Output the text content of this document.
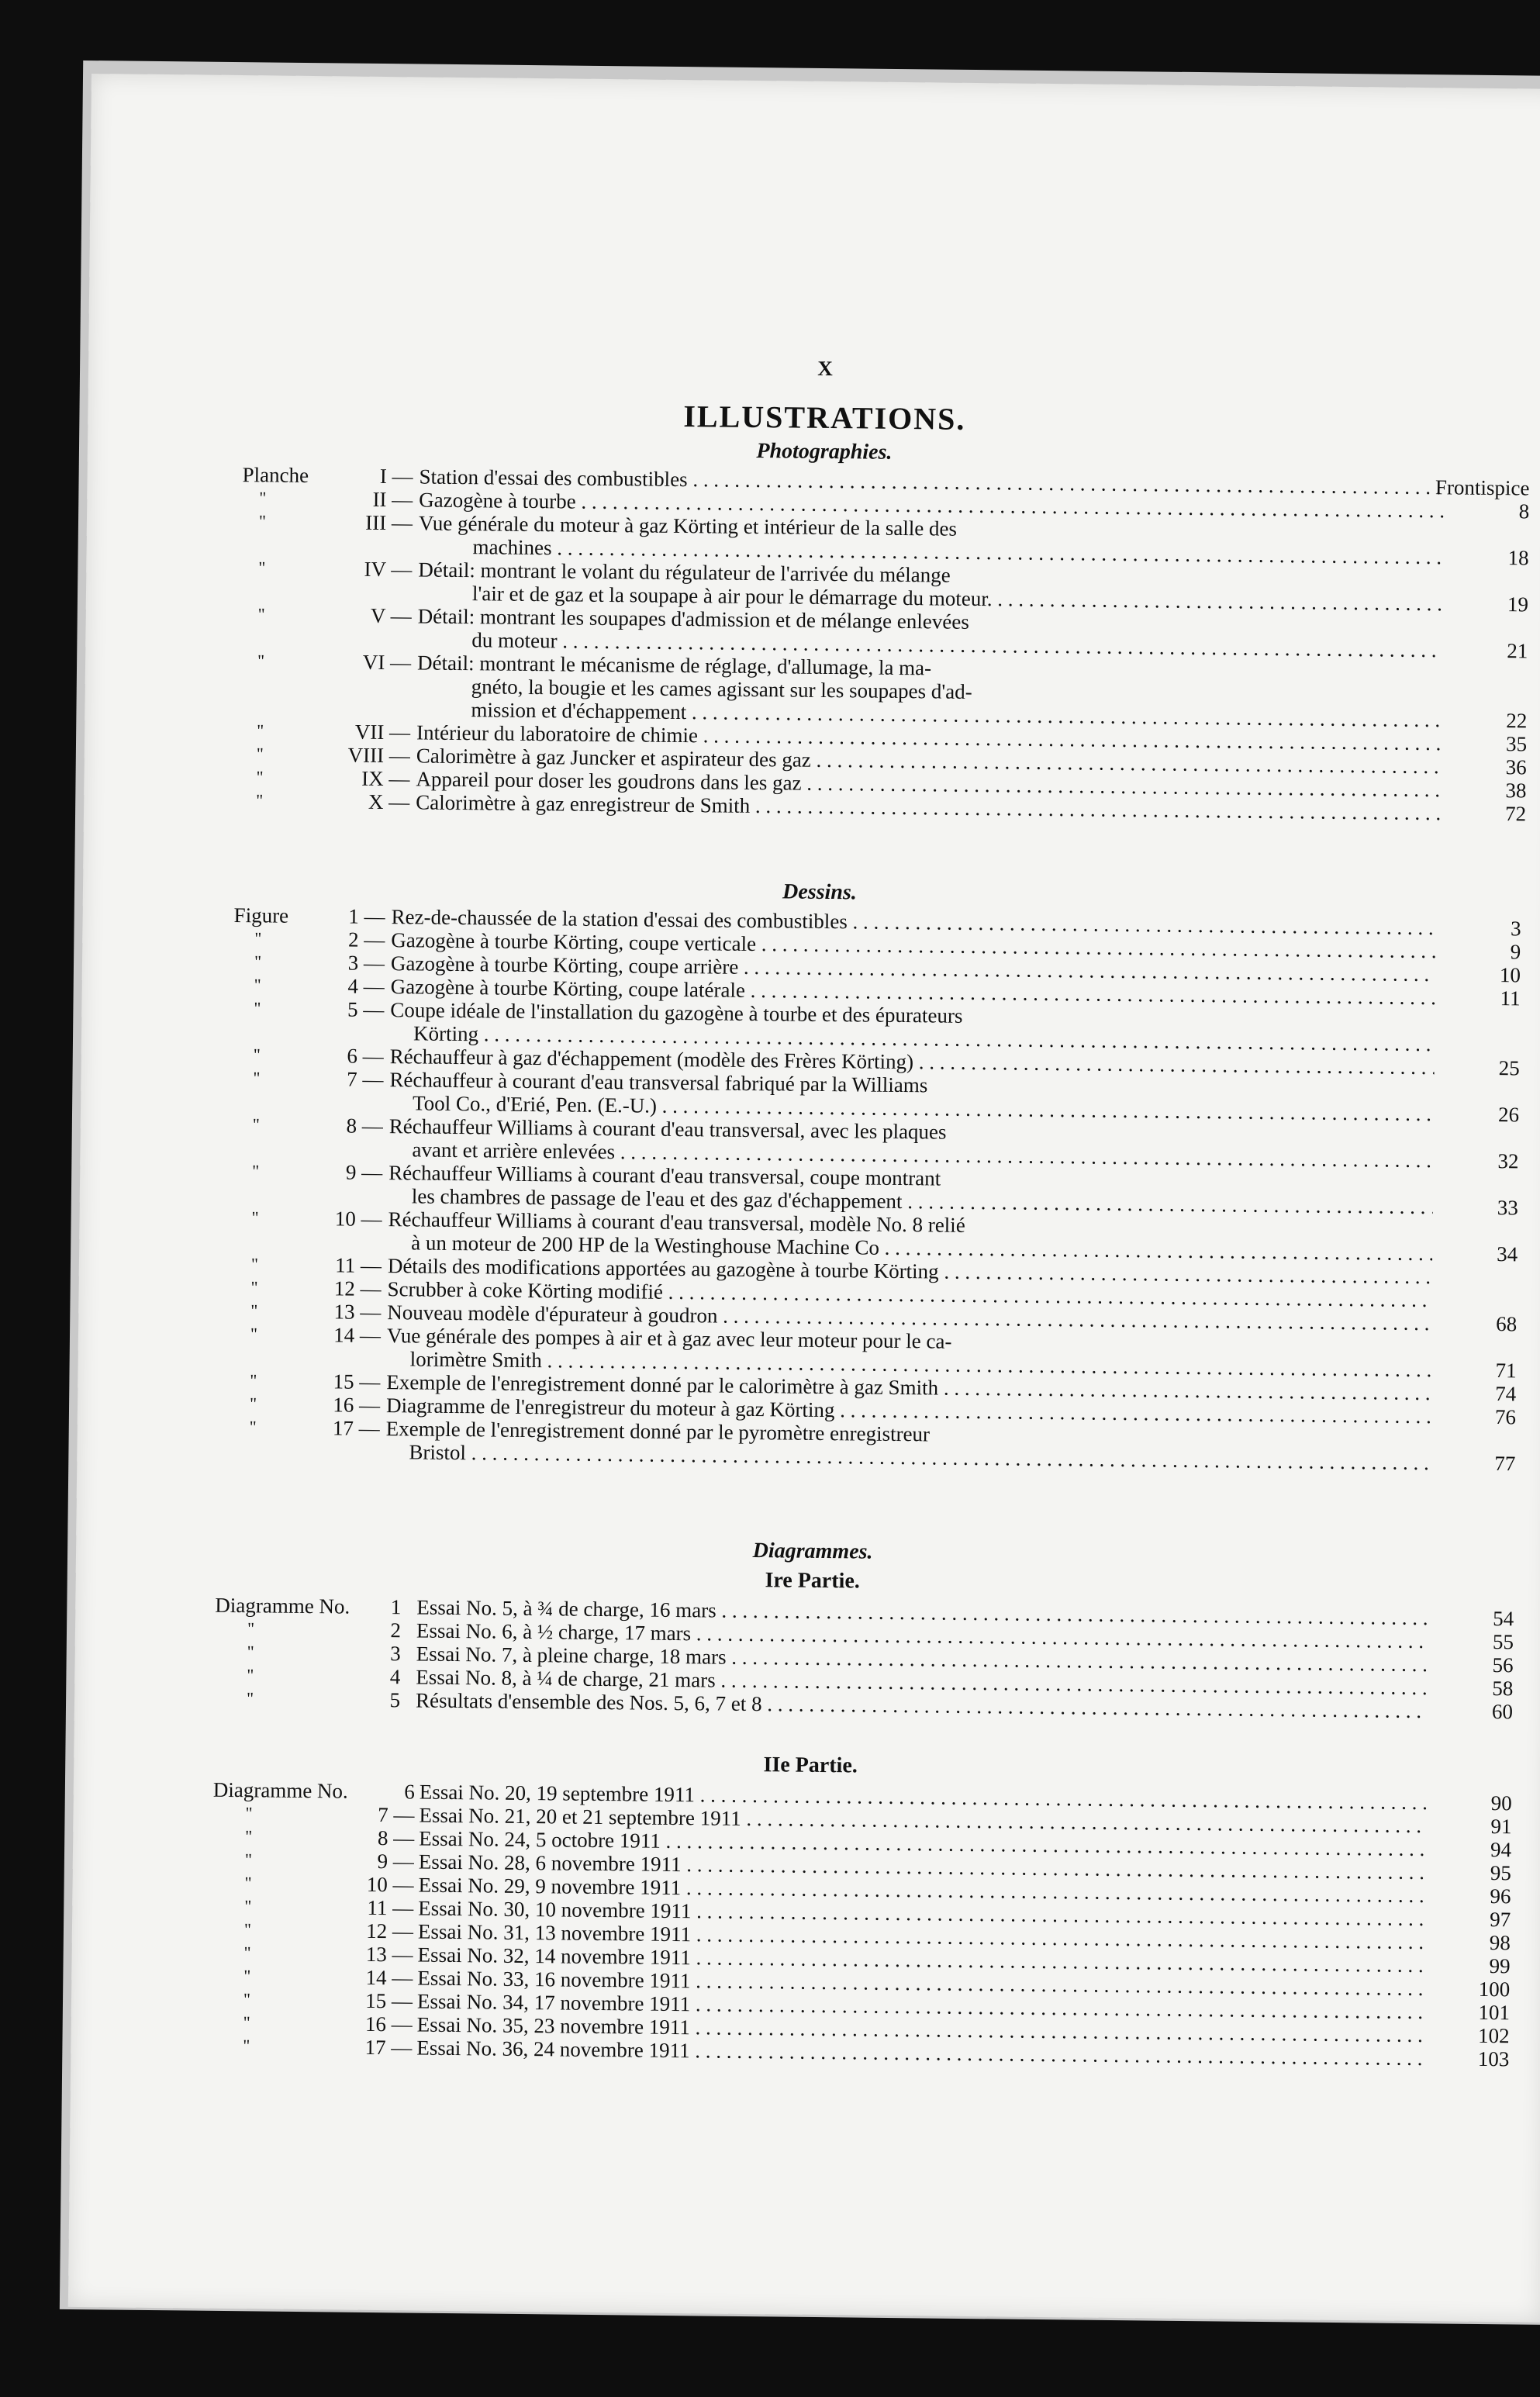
X
ILLUSTRATIONS.
Photographies.
Dessins.
Diagrammes.
Ire Partie.
IIe Partie.
Planche	I — Station d'essai des combustibles . . .	Frontispice
"	II — Gazogène à tourbe . . .	8
"	III — Vue générale du moteur à gaz Körting et intérieur de la salle des
machines . . .	18
"	IV — Détail: montrant le volant du régulateur de l'arrivée du mélange
l'air et de gaz et la soupape à air pour le démarrage du moteur. . . .	19
"	V — Détail: montrant les soupapes d'admission et de mélange enlevées
du moteur . . .	21
"	VI — Détail: montrant le mécanisme de réglage, d'allumage, la ma-
gnéto, la bougie et les cames agissant sur les soupapes d'ad-
mission et d'échappement . . .	22
"	VII — Intérieur du laboratoire de chimie . . .	35
"	VIII — Calorimètre à gaz Juncker et aspirateur des gaz . . .	36
"	IX — Appareil pour doser les goudrons dans les gaz . . .	38
"	X — Calorimètre à gaz enregistreur de Smith . . .	72
Figure	1 — Rez-de-chaussée de la station d'essai des combustibles . . .	3
"	2 — Gazogène à tourbe Körting, coupe verticale . . .	9
"	3 — Gazogène à tourbe Körting, coupe arrière . . .	10
"	4 — Gazogène à tourbe Körting, coupe latérale . . .	11
"	5 — Coupe idéale de l'installation du gazogène à tourbe et des épurateurs
Körting . . .
"	6 — Réchauffeur à gaz d'échappement (modèle des Frères Körting) . . .	25
"	7 — Réchauffeur à courant d'eau transversal fabriqué par la Williams
Tool Co., d'Erié, Pen. (E.-U.) . . .	26
"	8 — Réchauffeur Williams à courant d'eau transversal, avec les plaques
avant et arrière enlevées . . .	32
"	9 — Réchauffeur Williams à courant d'eau transversal, coupe montrant
les chambres de passage de l'eau et des gaz d'échappement . . .	33
"	10 — Réchauffeur Williams à courant d'eau transversal, modèle No. 8 relié
à un moteur de 200 HP de la Westinghouse Machine Co . . .	34
"	11 — Détails des modifications apportées au gazogène à tourbe Körting . . .
"	12 — Scrubber à coke Körting modifié . . .
"	13 — Nouveau modèle d'épurateur à goudron . . .	68
"	14 — Vue générale des pompes à air et à gaz avec leur moteur pour le ca-
lorimètre Smith . . .	71
"	15 — Exemple de l'enregistrement donné par le calorimètre à gaz Smith . . .	74
"	16 — Diagramme de l'enregistreur du moteur à gaz Körting . . .	76
"	17 — Exemple de l'enregistrement donné par le pyromètre enregistreur
Bristol . . .	77
Diagramme No.	1 Essai No. 5, à ¾ de charge, 16 mars . . .	54
"	2 Essai No. 6, à ½ charge, 17 mars . . .	55
"	3 Essai No. 7, à pleine charge, 18 mars . . .	56
"	4 Essai No. 8, à ¼ de charge, 21 mars . . .	58
"	5 Résultats d'ensemble des Nos. 5, 6, 7 et 8 . . .	60
Diagramme No.	6 Essai No. 20, 19 septembre 1911 . . .	90
"	7 — Essai No. 21, 20 et 21 septembre 1911 . . .	91
"	8 — Essai No. 24, 5 octobre 1911 . . .	94
"	9 — Essai No. 28, 6 novembre 1911 . . .	95
"	10 — Essai No. 29, 9 novembre 1911 . . .	96
"	11 — Essai No. 30, 10 novembre 1911 . . .	97
"	12 — Essai No. 31, 13 novembre 1911 . . .	98
"	13 — Essai No. 32, 14 novembre 1911 . . .	99
"	14 — Essai No. 33, 16 novembre 1911 . . .	100
"	15 — Essai No. 34, 17 novembre 1911 . . .	101
"	16 — Essai No. 35, 23 novembre 1911 . . .	102
"	17 — Essai No. 36, 24 novembre 1911 . . .	103
